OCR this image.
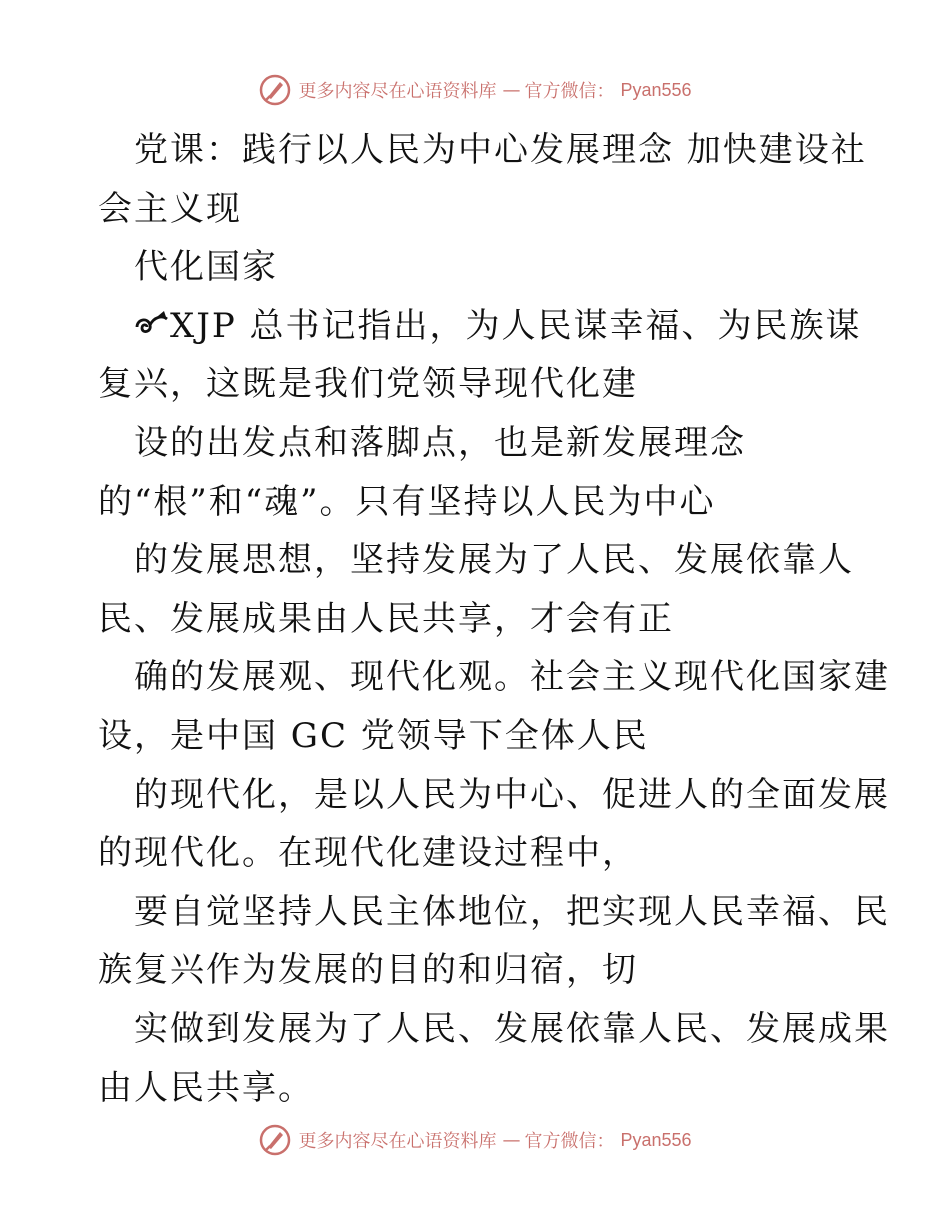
更多内容尽在心语资料库 — 官方微信： Pyan556
党课：践行以人民为中心发展理念 加快建设社
会主义现
代化国家
XJP 总书记指出，为人民谋幸福、为民族谋
复兴，这既是我们党领导现代化建
设的出发点和落脚点，也是新发展理念
的“根”和“魂”。只有坚持以人民为中心
的发展思想，坚持发展为了人民、发展依靠人
民、发展成果由人民共享，才会有正
确的发展观、现代化观。社会主义现代化国家建
设，是中国 GC 党领导下全体人民
的现代化，是以人民为中心、促进人的全面发展
的现代化。在现代化建设过程中，
要自觉坚持人民主体地位，把实现人民幸福、民
族复兴作为发展的目的和归宿，切
实做到发展为了人民、发展依靠人民、发展成果
由人民共享。
更多内容尽在心语资料库 — 官方微信： Pyan556
